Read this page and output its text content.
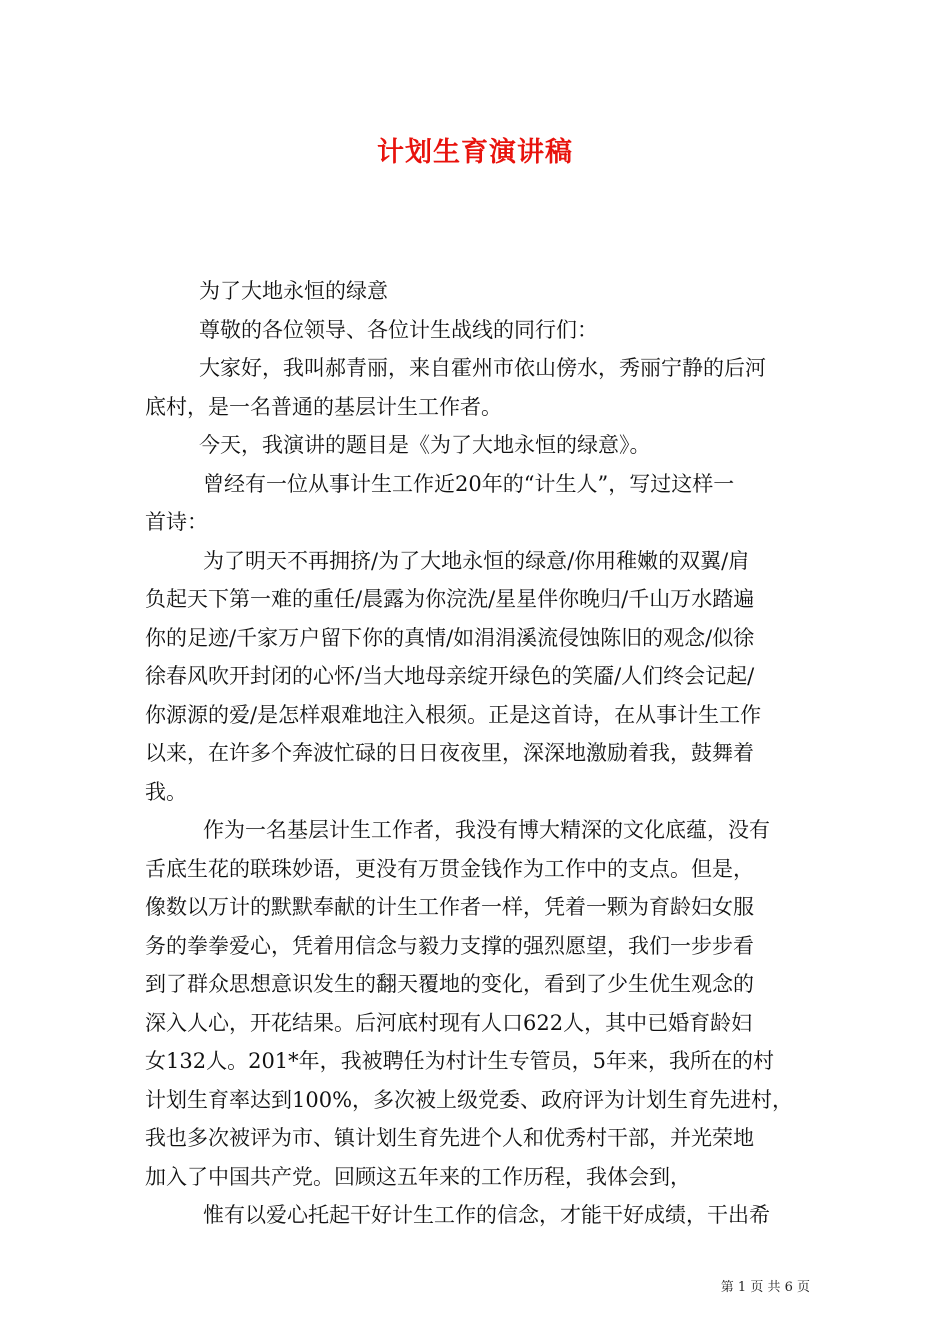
计划生育演讲稿
为了大地永恒的绿意
尊敬的各位领导、各位计生战线的同行们：
大家好，我叫郝青丽，来自霍州市依山傍水，秀丽宁静的后河
底村，是一名普通的基层计生工作者。
今天，我演讲的题目是《为了大地永恒的绿意》。
曾经有一位从事计生工作近20年的“计生人”，写过这样一
首诗：
为了明天不再拥挤/为了大地永恒的绿意/你用稚嫩的双翼/肩
负起天下第一难的重任/晨露为你浣洗/星星伴你晚归/千山万水踏遍
你的足迹/千家万户留下你的真情/如涓涓溪流侵蚀陈旧的观念/似徐
徐春风吹开封闭的心怀/当大地母亲绽开绿色的笑靥/人们终会记起/
你源源的爱/是怎样艰难地注入根须。正是这首诗，在从事计生工作
以来，在许多个奔波忙碌的日日夜夜里，深深地激励着我，鼓舞着
我。
作为一名基层计生工作者，我没有博大精深的文化底蕴，没有
舌底生花的联珠妙语，更没有万贯金钱作为工作中的支点。但是，
像数以万计的默默奉献的计生工作者一样，凭着一颗为育龄妇女服
务的拳拳爱心，凭着用信念与毅力支撑的强烈愿望，我们一步步看
到了群众思想意识发生的翻天覆地的变化，看到了少生优生观念的
深入人心，开花结果。后河底村现有人口622人，其中已婚育龄妇
女132人。201*年，我被聘任为村计生专管员，5年来，我所在的村
计划生育率达到100%，多次被上级党委、政府评为计划生育先进村，
我也多次被评为市、镇计划生育先进个人和优秀村干部，并光荣地
加入了中国共产党。回顾这五年来的工作历程，我体会到，
惟有以爱心托起干好计生工作的信念，才能干好成绩，干出希
第 1 页 共 6 页
